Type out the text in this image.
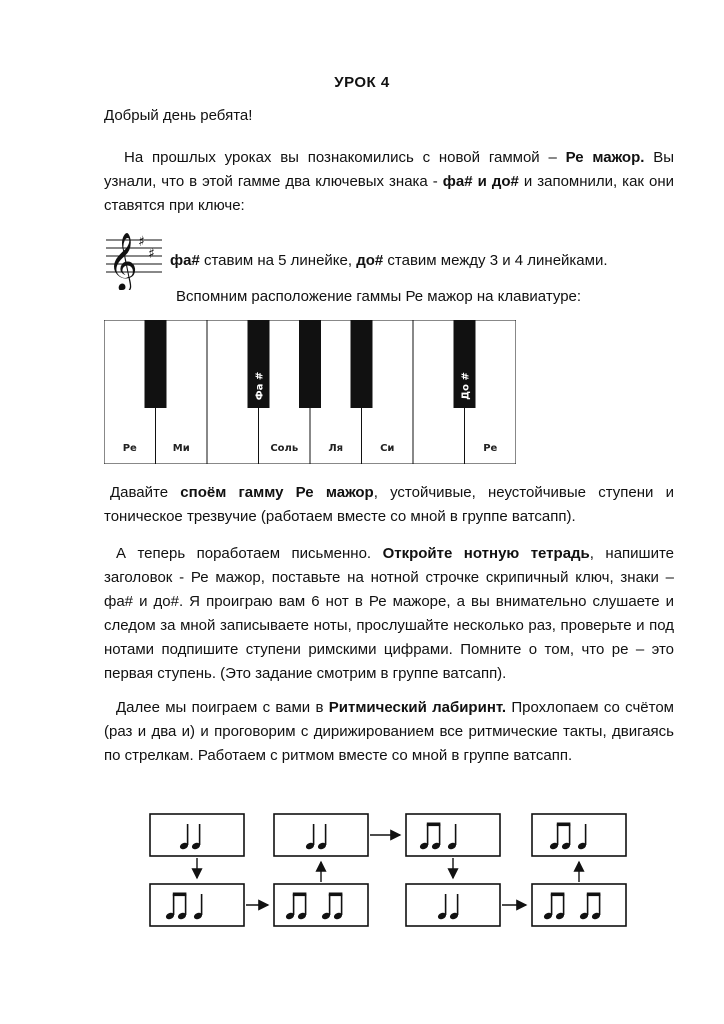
УРОК 4

Добрый день ребята!

На прошлых уроках вы познакомились с новой гаммой – Ре мажор. Вы узнали, что в этой гамме два ключевых знака - фа# и до# и запомнили, как они ставятся при ключе:

𝄞 ♯
♯ фа# ставим на 5 линейке, до# ставим между 3 и 4 линейками.
Вспомним расположение гаммы Ре мажор на клавиатуре:
Ре	Ми	Соль	Ля	Си	Ре
Фа #	До #

Давайте споём гамму Ре мажор, устойчивые, неустойчивые ступени и тоническое трезвучие (работаем вместе со мной в группе ватсапп).

А теперь поработаем письменно. Откройте нотную тетрадь, напишите заголовок - Ре мажор, поставьте на нотной строчке скрипичный ключ, знаки – фа# и до#. Я проиграю вам 6 нот в Ре мажоре, а вы внимательно слушаете и следом за мной записываете ноты, прослушайте несколько раз, проверьте и под нотами подпишите ступени римскими цифрами. Помните о том, что ре – это первая ступень. (Это задание смотрим в группе ватсапп).

Далее мы поиграем с вами в Ритмический лабиринт. Прохлопаем со счётом (раз и два и) и проговорим с дирижированием все ритмические такты, двигаясь по стрелкам. Работаем с ритмом вместе со мной в группе ватсапп.
